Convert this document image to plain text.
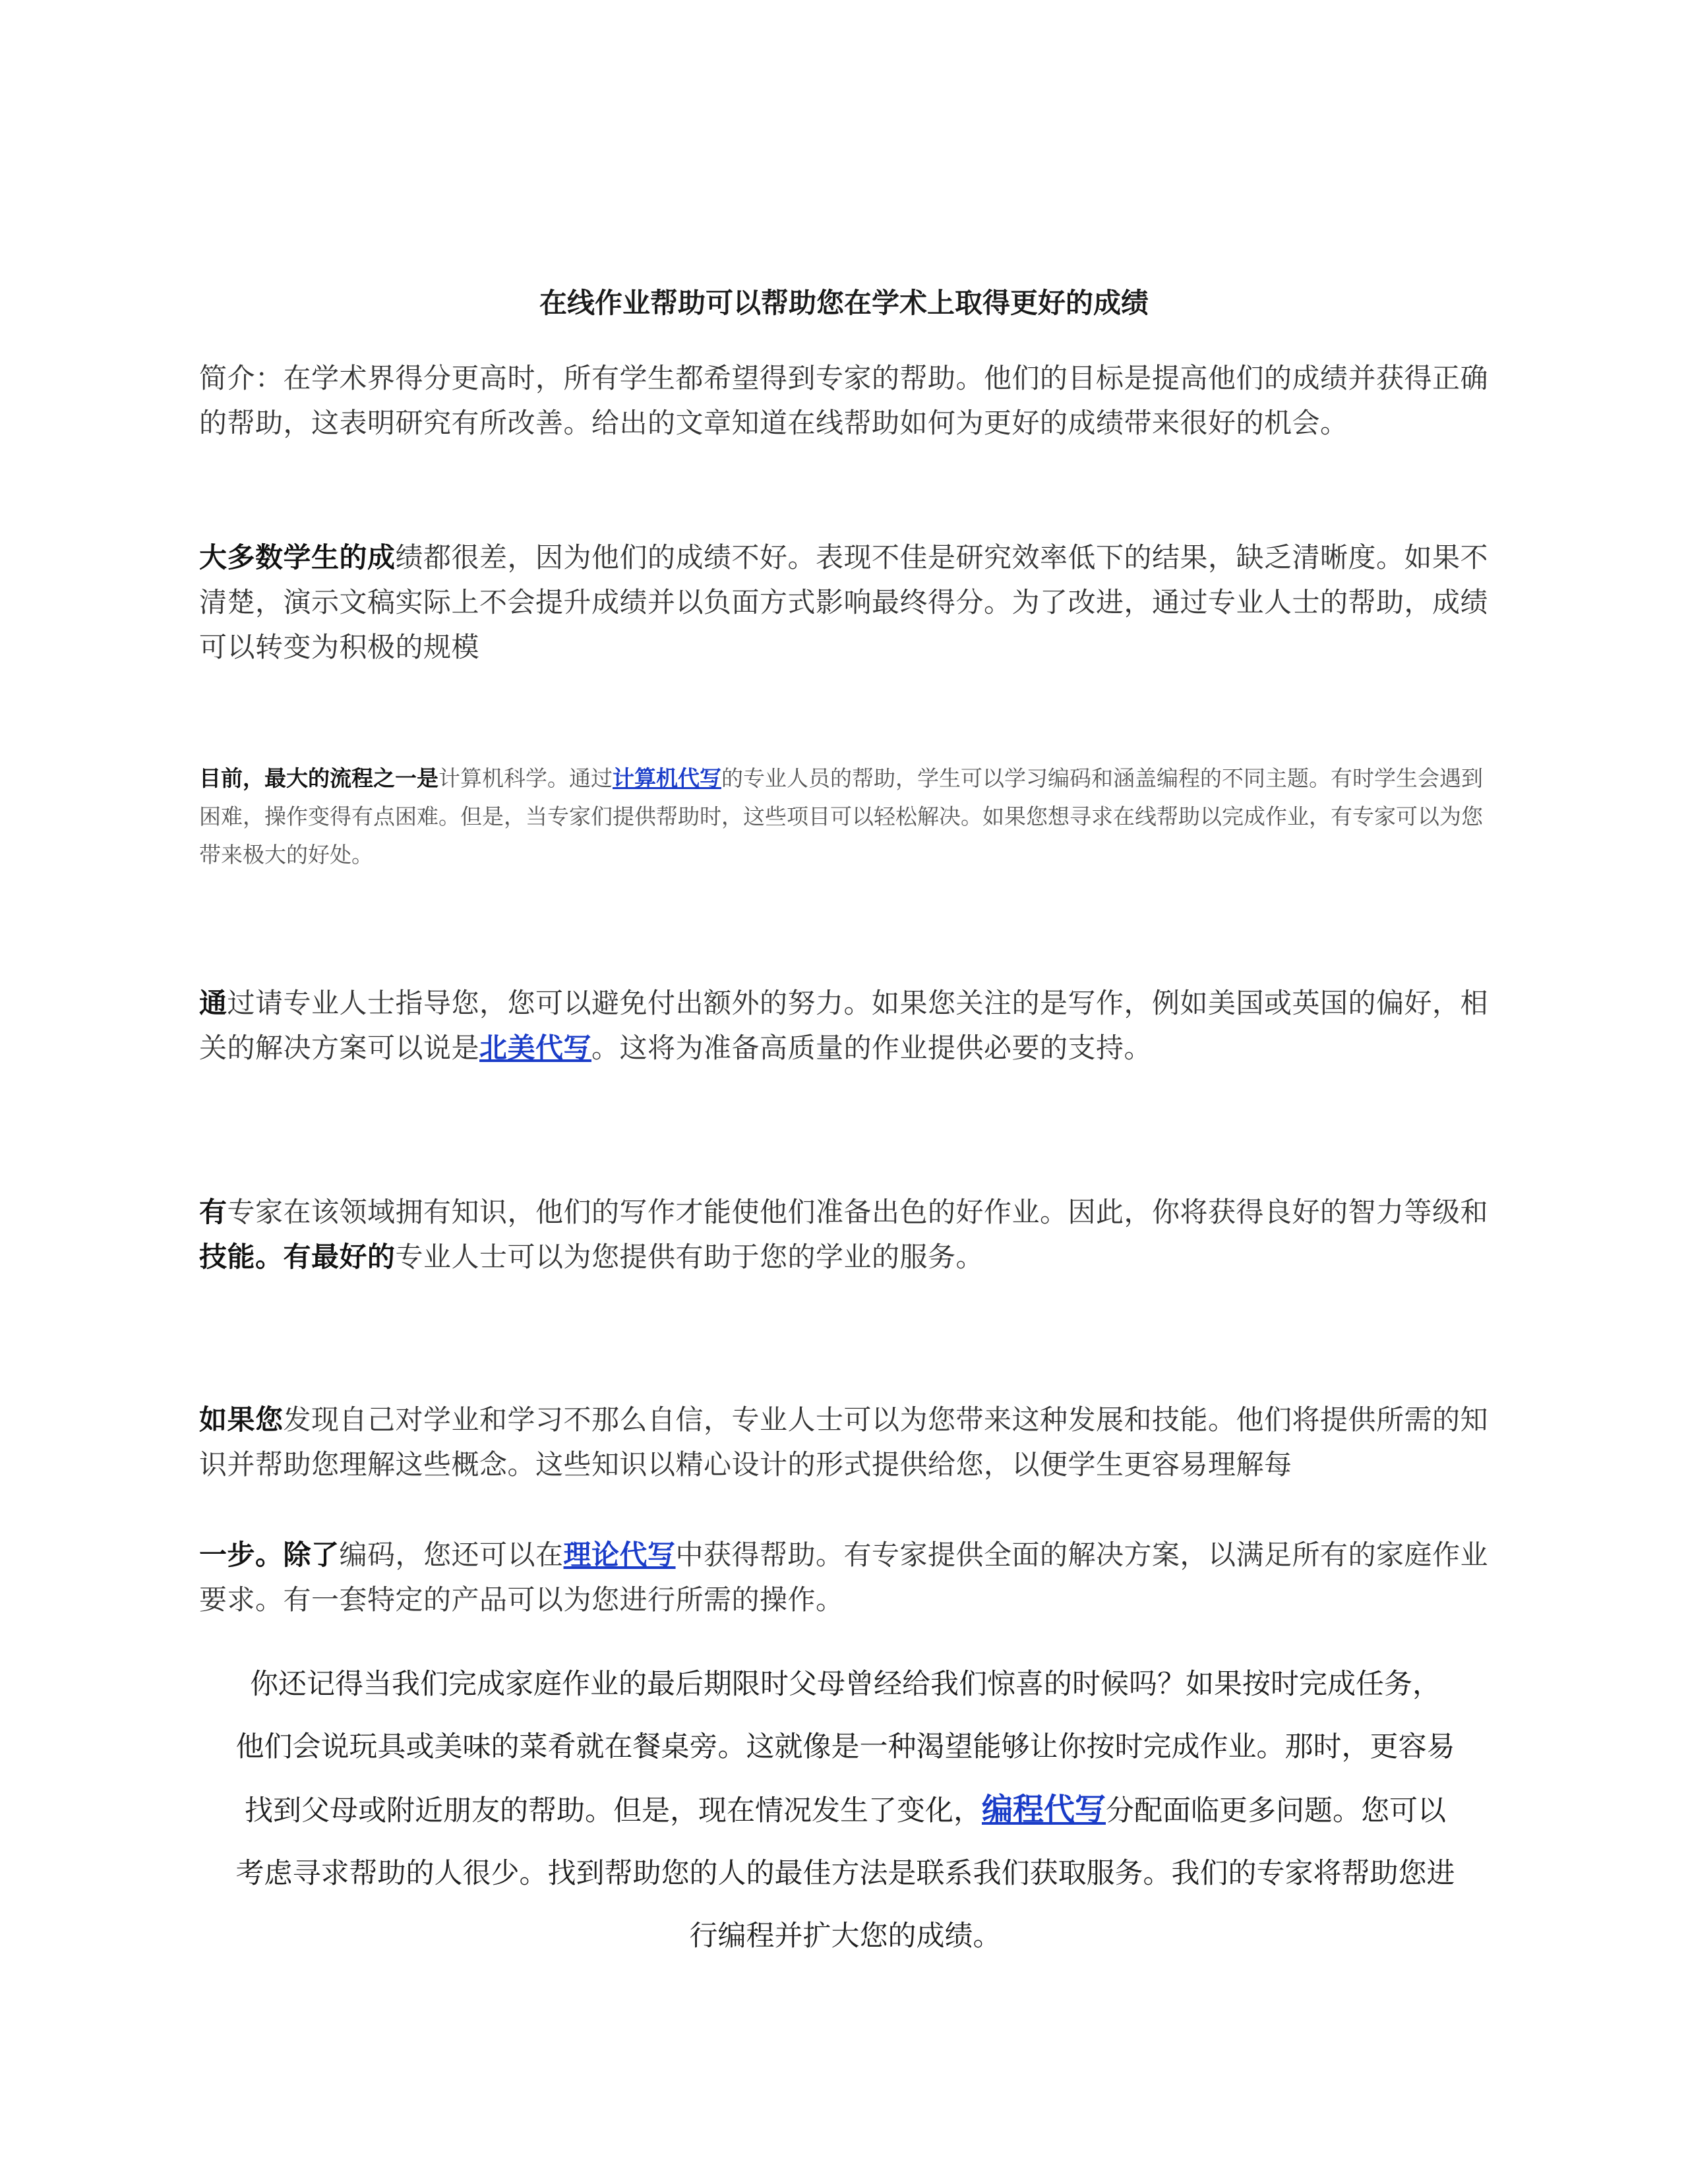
在线作业帮助可以帮助您在学术上取得更好的成绩
简介：在学术界得分更高时，所有学生都希望得到专家的帮助。他们的目标是提高他们的成绩并获得正确的帮助，这表明研究有所改善。给出的文章知道在线帮助如何为更好的成绩带来很好的机会。
大多数学生的成绩都很差，因为他们的成绩不好。表现不佳是研究效率低下的结果，缺乏清晰度。如果不清楚，演示文稿实际上不会提升成绩并以负面方式影响最终得分。为了改进，通过专业人士的帮助，成绩可以转变为积极的规模
目前，最大的流程之一是计算机科学。通过计算机代写的专业人员的帮助，学生可以学习编码和涵盖编程的不同主题。有时学生会遇到困难，操作变得有点困难。但是，当专家们提供帮助时，这些项目可以轻松解决。如果您想寻求在线帮助以完成作业，有专家可以为您带来极大的好处。
通过请专业人士指导您，您可以避免付出额外的努力。如果您关注的是写作，例如美国或英国的偏好，相关的解决方案可以说是北美代写。这将为准备高质量的作业提供必要的支持。
有专家在该领域拥有知识，他们的写作才能使他们准备出色的好作业。因此，你将获得良好的智力等级和技能。有最好的专业人士可以为您提供有助于您的学业的服务。
如果您发现自己对学业和学习不那么自信，专业人士可以为您带来这种发展和技能。他们将提供所需的知识并帮助您理解这些概念。这些知识以精心设计的形式提供给您，以便学生更容易理解每
一步。除了编码，您还可以在理论代写中获得帮助。有专家提供全面的解决方案，以满足所有的家庭作业要求。有一套特定的产品可以为您进行所需的操作。
你还记得当我们完成家庭作业的最后期限时父母曾经给我们惊喜的时候吗？如果按时完成任务，
他们会说玩具或美味的菜肴就在餐桌旁。这就像是一种渴望能够让你按时完成作业。那时，更容易
找到父母或附近朋友的帮助。但是，现在情况发生了变化，编程代写分配面临更多问题。您可以
考虑寻求帮助的人很少。找到帮助您的人的最佳方法是联系我们获取服务。我们的专家将帮助您进
行编程并扩大您的成绩。
